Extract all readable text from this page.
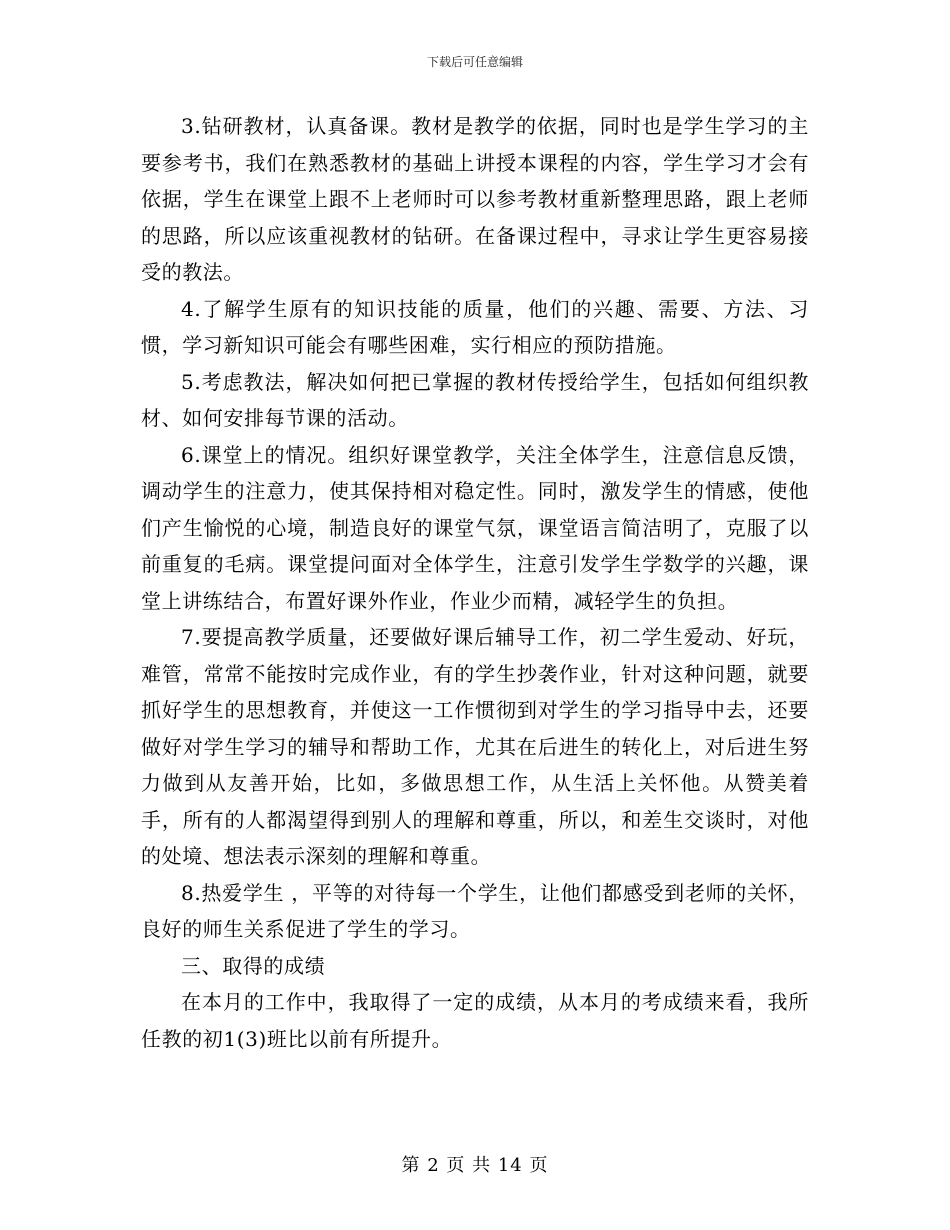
下载后可任意编辑

3.钻研教材，认真备课。教材是教学的依据，同时也是学生学习的主要参考书，我们在熟悉教材的基础上讲授本课程的内容，学生学习才会有依据，学生在课堂上跟不上老师时可以参考教材重新整理思路，跟上老师的思路，所以应该重视教材的钻研。在备课过程中，寻求让学生更容易接受的教法。

4.了解学生原有的知识技能的质量，他们的兴趣、需要、方法、习惯，学习新知识可能会有哪些困难，实行相应的预防措施。

5.考虑教法，解决如何把已掌握的教材传授给学生，包括如何组织教材、如何安排每节课的活动。

6.课堂上的情况。组织好课堂教学，关注全体学生，注意信息反馈，调动学生的注意力，使其保持相对稳定性。同时，激发学生的情感，使他们产生愉悦的心境，制造良好的课堂气氛，课堂语言简洁明了，克服了以前重复的毛病。课堂提问面对全体学生，注意引发学生学数学的兴趣，课堂上讲练结合，布置好课外作业，作业少而精，减轻学生的负担。

7.要提高教学质量，还要做好课后辅导工作，初二学生爱动、好玩，难管，常常不能按时完成作业，有的学生抄袭作业，针对这种问题，就要抓好学生的思想教育，并使这一工作惯彻到对学生的学习指导中去，还要做好对学生学习的辅导和帮助工作，尤其在后进生的转化上，对后进生努力做到从友善开始，比如，多做思想工作，从生活上关怀他。从赞美着手，所有的人都渴望得到别人的理解和尊重，所以，和差生交谈时，对他的处境、想法表示深刻的理解和尊重。

8.热爱学生 ，平等的对待每一个学生，让他们都感受到老师的关怀，良好的师生关系促进了学生的学习。

三、取得的成绩

在本月的工作中，我取得了一定的成绩，从本月的考成绩来看，我所任教的初1(3)班比以前有所提升。

第 2 页 共 14 页
